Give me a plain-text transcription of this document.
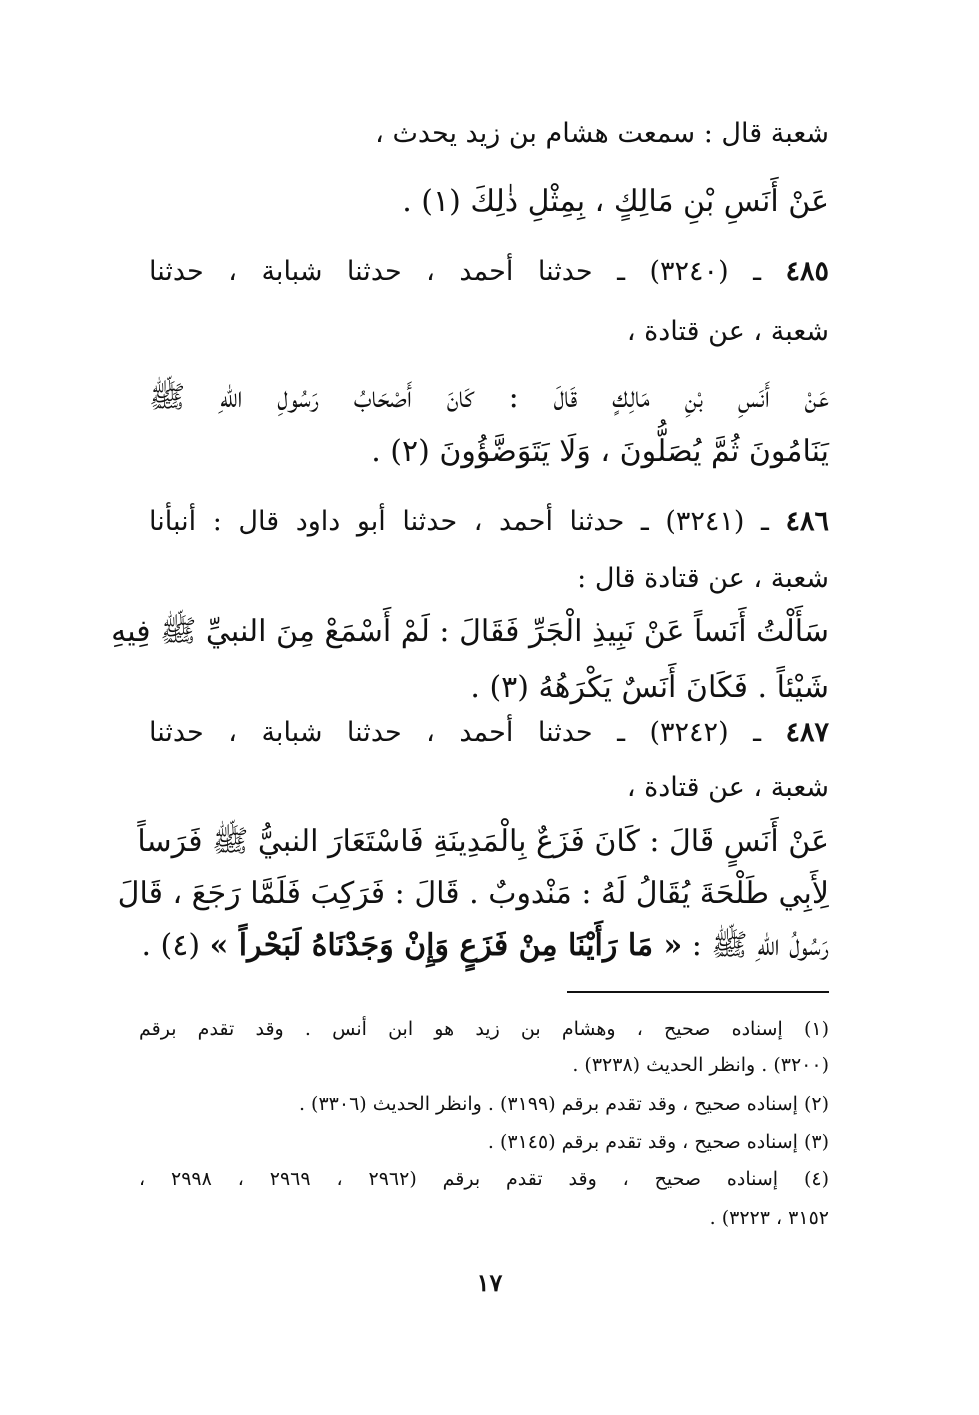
شعبة قال : سمعت هشام بن زيد يحدث ،
عَنْ أَنَسِ بْنِ مَالِكٍ ، بِمِثْلِ ذٰلِكَ (١) .
٤٨٥ ـ (٣٢٤٠) ـ حدثنا أحمد ، حدثنا شبابة ، حدثنا
شعبة ، عن قتادة ،
عَنْ أَنَسِ بْنِ مَالِكٍ قَالَ : كَانَ أَصْحَابُ رَسُولِ اللهِ ﷺ
يَنَامُونَ ثُمَّ يُصَلُّونَ ، وَلَا يَتَوَضَّؤُونَ (٢) .
٤٨٦ ـ (٣٢٤١) ـ حدثنا أحمد ، حدثنا أبو داود قال : أنبأنا
شعبة ، عن قتادة قال :
سَأَلْتُ أَنَساً عَنْ نَبِيذِ الْجَرِّ فَقَالَ : لَمْ أَسْمَعْ مِنَ النبيِّ ﷺ فِيهِ
شَيْئاً . فَكَانَ أَنَسٌ يَكْرَهُهُ (٣) .
٤٨٧ ـ (٣٢٤٢) ـ حدثنا أحمد ، حدثنا شبابة ، حدثنا
شعبة ، عن قتادة ،
عَنْ أَنَسٍ قَالَ : كَانَ فَزَعٌ بِالْمَدِينَةِ فَاسْتَعَارَ النبيُّ ﷺ فَرَساً
لِأَبِي طَلْحَةَ يُقَالُ لَهُ : مَنْدوبٌ . قَالَ : فَرَكِبَ فَلَمَّا رَجَعَ ، قَالَ
رَسُولُ اللهِ ﷺ : « مَا رَأَيْنَا مِنْ فَزَعٍ وَإِنْ وَجَدْنَاهُ لَبَحْراً » (٤) .
(١) إسناده صحيح ، وهشام بن زيد هو ابن أنس . وقد تقدم برقم
(٣٢٠٠) . وانظر الحديث (٣٢٣٨) .
(٢) إسناده صحيح ، وقد تقدم برقم (٣١٩٩) . وانظر الحديث (٣٣٠٦) .
(٣) إسناده صحيح ، وقد تقدم برقم (٣١٤٥) .
(٤) إسناده صحيح ، وقد تقدم برقم (٢٩٦٢ ، ٢٩٦٩ ، ٢٩٩٨ ،
٣١٥٢ ، ٣٢٢٣) .
١٧
